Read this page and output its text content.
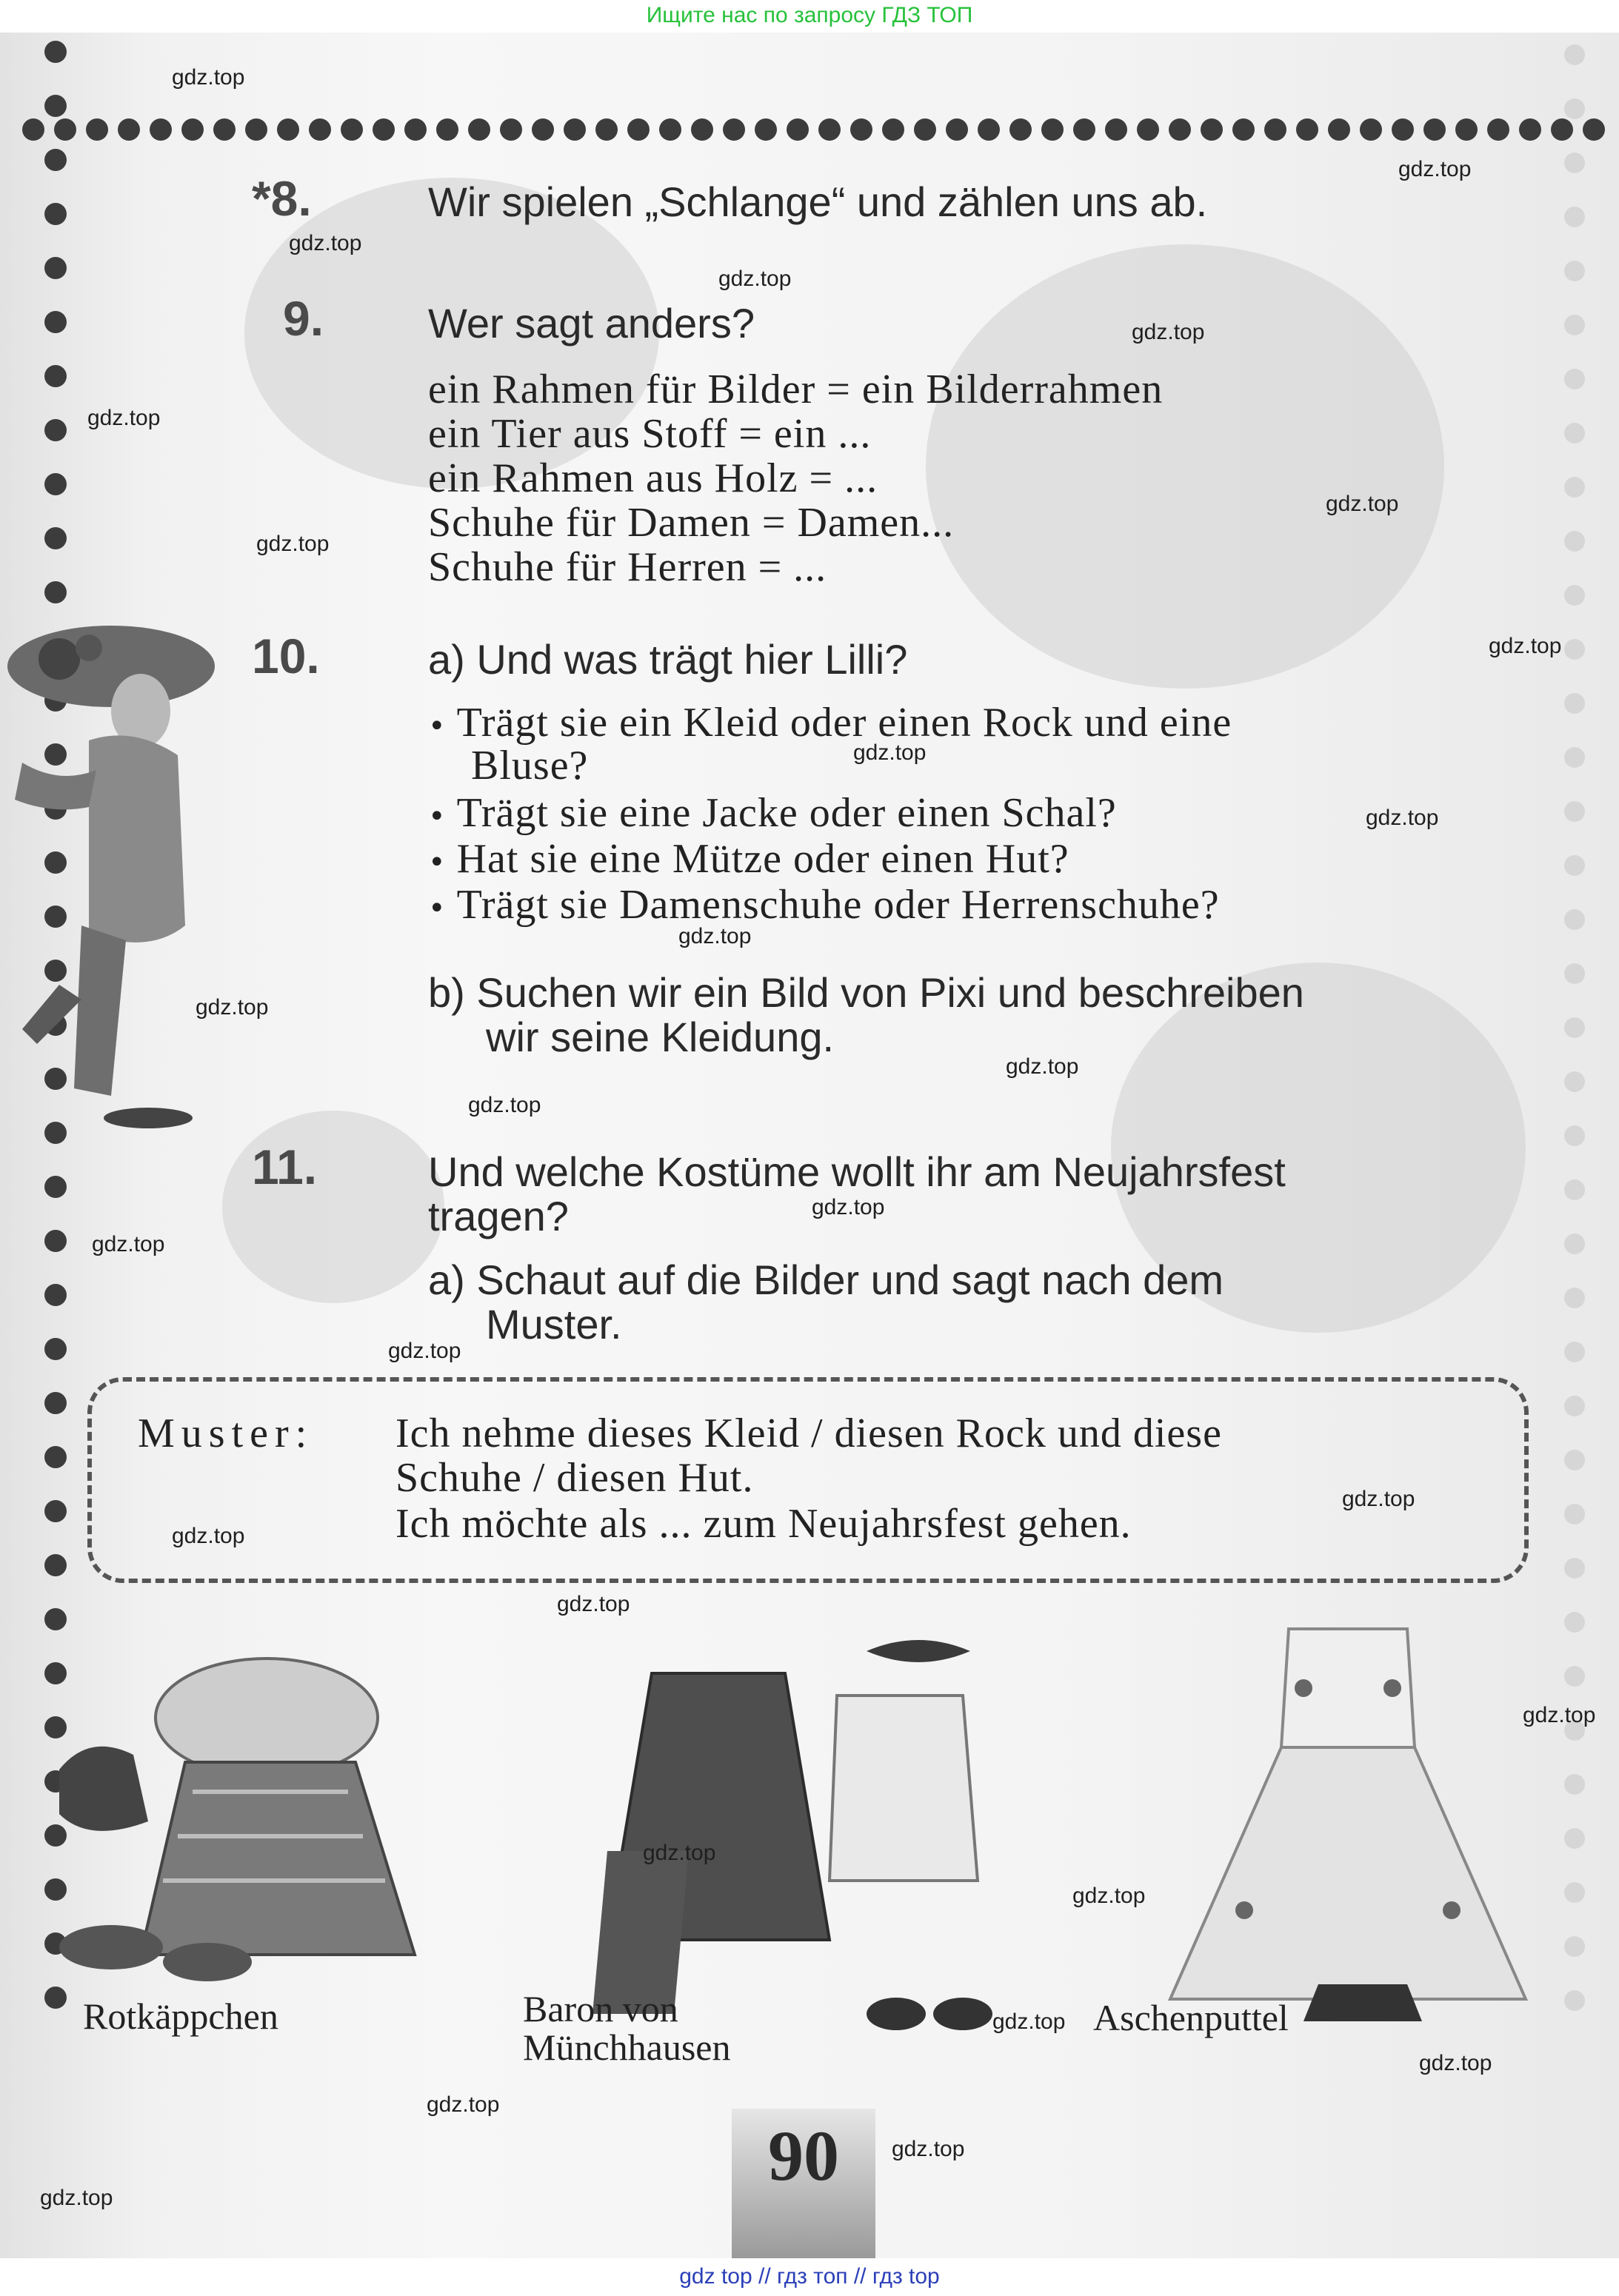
Ищите нас по запросу ГДЗ ТОП
*8.	Wir spielen „Schlange“ und zählen uns ab.
9.	Wer sagt anders?
ein Rahmen für Bilder = ein Bilderrahmen
ein Tier aus Stoff = ein ...
ein Rahmen aus Holz = ...
Schuhe für Damen = Damen...
Schuhe für Herren = ...
10.	a) Und was trägt hier Lilli?
• Trägt sie ein Kleid oder einen Rock und eine
Bluse?
• Trägt sie eine Jacke oder einen Schal?
• Hat sie eine Mütze oder einen Hut?
• Trägt sie Damenschuhe oder Herrenschuhe?
b) Suchen wir ein Bild von Pixi und beschreiben
wir seine Kleidung.
11.	Und welche Kostüme wollt ihr am Neujahrsfest
tragen?
a) Schaut auf die Bilder und sagt nach dem
Muster.
Muster: Ich nehme dieses Kleid / diesen Rock und diese
Schuhe / diesen Hut.
Ich möchte als ... zum Neujahrsfest gehen.
Rotkäppchen	Baron von
Münchhausen
Aschenputtel
90
gdz.top
gdz.top
gdz.top
gdz.top
gdz.top
gdz.top
gdz.top
gdz.top
gdz.top
gdz.top
gdz.top
gdz.top
gdz.top
gdz.top
gdz.top
gdz.top
gdz.top
gdz.top
gdz.top
gdz.top
gdz.top
gdz.top
gdz.top
gdz.top
gdz.top
gdz.top
gdz.top
gdz.top
gdz.top
gdz top // гдз топ // гдз top
